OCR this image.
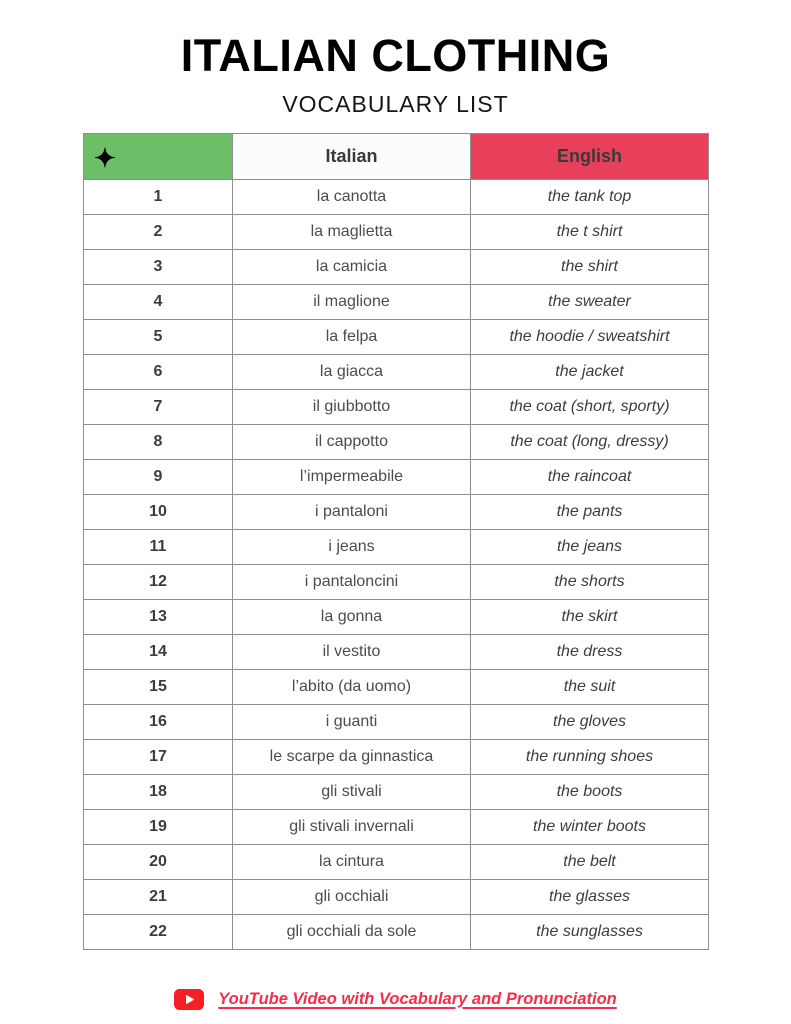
ITALIAN CLOTHING
VOCABULARY LIST
✦	Italian	English
1	la canotta	the tank top
2	la maglietta	the t shirt
3	la camicia	the shirt
4	il maglione	the sweater
5	la felpa	the hoodie / sweatshirt
6	la giacca	the jacket
7	il giubbotto	the coat (short, sporty)
8	il cappotto	the coat (long, dressy)
9	l’impermeabile	the raincoat
10	i pantaloni	the pants
11	i jeans	the jeans
12	i pantaloncini	the shorts
13	la gonna	the skirt
14	il vestito	the dress
15	l’abito (da uomo)	the suit
16	i guanti	the gloves
17	le scarpe da ginnastica	the running shoes
18	gli stivali	the boots
19	gli stivali invernali	the winter boots
20	la cintura	the belt
21	gli occhiali	the glasses
22	gli occhiali da sole	the sunglasses
YouTube Video with Vocabulary and Pronunciation
